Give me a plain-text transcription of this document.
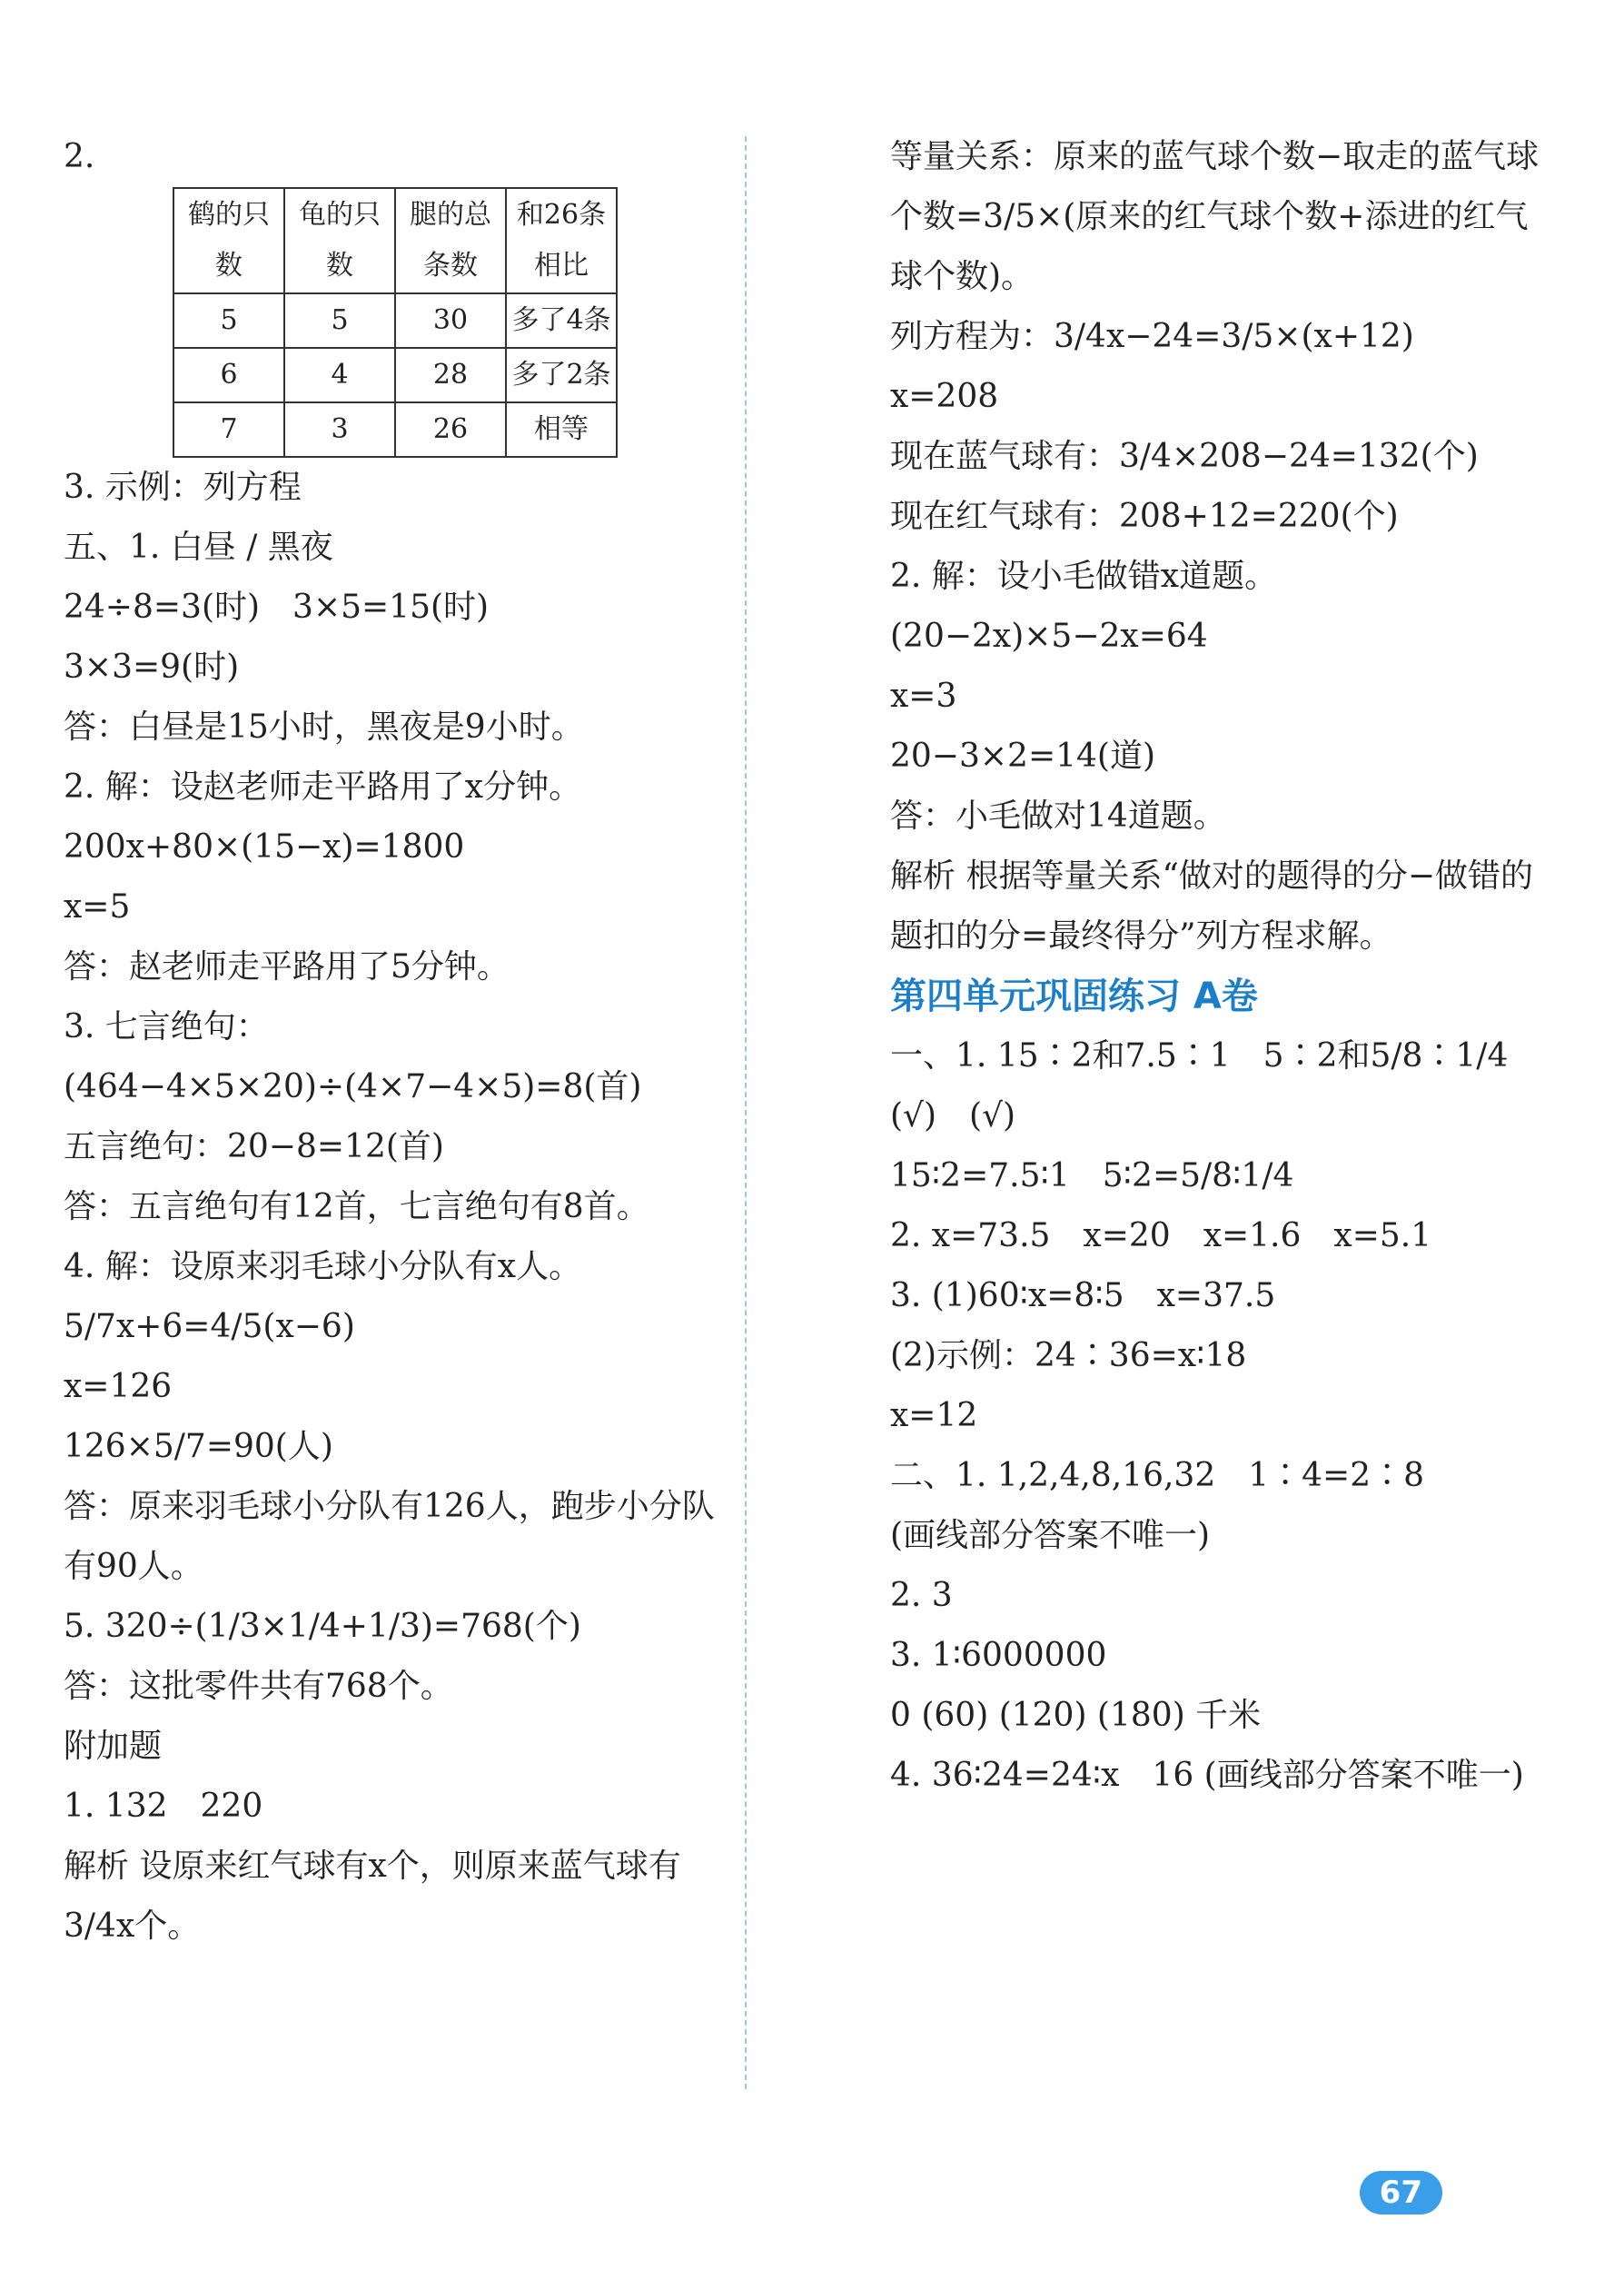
2.
鹤的只数	龟的只数	腿的总条数	和26条相比
5	5	30	多了4条
6	4	28	多了2条
7	3	26	相等
3. 示例：列方程
五、1. 白昼 / 黑夜
24÷8=3(时)　3×5=15(时)
3×3=9(时)
答：白昼是15小时，黑夜是9小时。
2. 解：设赵老师走平路用了x分钟。
200x+80×(15−x)=1800
x=5
答：赵老师走平路用了5分钟。
3. 七言绝句：(464−4×5×20)÷(4×7−4×5)=8(首)
五言绝句：20−8=12(首)
答：五言绝句有12首，七言绝句有8首。
4. 解：设原来羽毛球小分队有x人。
5/7x+6=4/5(x−6)
x=126
126×5/7=90(人)
答：原来羽毛球小分队有126人，跑步小分队有90人。
5. 320÷(1/3×1/4+1/3)=768(个)
答：这批零件共有768个。
附加题
1. 132　220
解析 设原来红气球有x个，则原来蓝气球有3/4x个。
等量关系：原来的蓝气球个数−取走的蓝气球个数=3/5×(原来的红气球个数+添进的红气球个数)。
列方程为：3/4x−24=3/5×(x+12)
x=208
现在蓝气球有：3/4×208−24=132(个)
现在红气球有：208+12=220(个)
2. 解：设小毛做错x道题。
(20−2x)×5−2x=64
x=3
20−3×2=14(道)
答：小毛做对14道题。
解析 根据等量关系“做对的题得的分−做错的题扣的分=最终得分”列方程求解。
第四单元巩固练习 A卷
一、1. 15∶2和7.5∶1　5∶2和5/8∶1/4
(√)　(√)
15∶2=7.5∶1　5∶2=5/8∶1/4
2. x=73.5　x=20　x=1.6　x=5.1
3. (1)60∶x=8∶5　x=37.5
(2)示例：24∶36=x∶18
x=12
二、1. 1,2,4,8,16,32　1∶4=2∶8
(画线部分答案不唯一)
2. 3
3. 1∶6000000
0 (60) (120) (180) 千米
4. 36∶24=24∶x　16 (画线部分答案不唯一)
67
